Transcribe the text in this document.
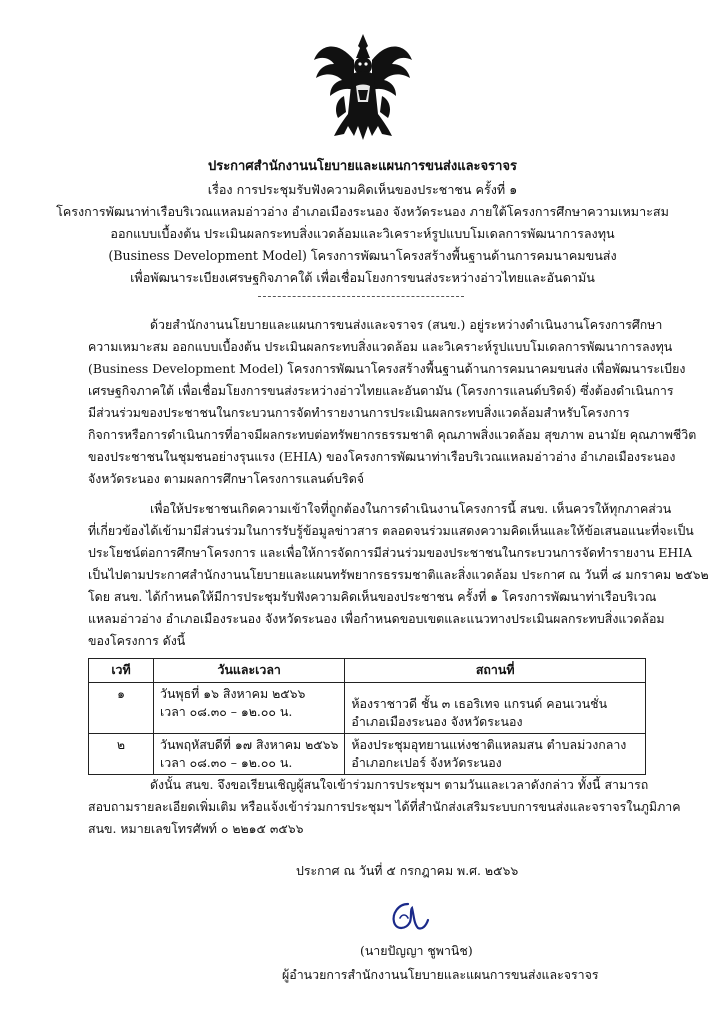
ประกาศสำนักงานนโยบายและแผนการขนส่งและจราจร
เรื่อง การประชุมรับฟังความคิดเห็นของประชาชน ครั้งที่ ๑
โครงการพัฒนาท่าเรือบริเวณแหลมอ่าวอ่าง อำเภอเมืองระนอง จังหวัดระนอง ภายใต้โครงการศึกษาความเหมาะสม
ออกแบบเบื้องต้น ประเมินผลกระทบสิ่งแวดล้อมและวิเคราะห์รูปแบบโมเดลการพัฒนาการลงทุน
(Business Development Model) โครงการพัฒนาโครงสร้างพื้นฐานด้านการคมนาคมขนส่ง
เพื่อพัฒนาระเบียงเศรษฐกิจภาคใต้ เพื่อเชื่อมโยงการขนส่งระหว่างอ่าวไทยและอันดามัน
ด้วยสำนักงานนโยบายและแผนการขนส่งและจราจร (สนข.) อยู่ระหว่างดำเนินงานโครงการศึกษา
ความเหมาะสม ออกแบบเบื้องต้น ประเมินผลกระทบสิ่งแวดล้อม และวิเคราะห์รูปแบบโมเดลการพัฒนาการลงทุน
(Business Development Model) โครงการพัฒนาโครงสร้างพื้นฐานด้านการคมนาคมขนส่ง เพื่อพัฒนาระเบียง
เศรษฐกิจภาคใต้ เพื่อเชื่อมโยงการขนส่งระหว่างอ่าวไทยและอันดามัน (โครงการแลนด์บริดจ์) ซึ่งต้องดำเนินการ
มีส่วนร่วมของประชาชนในกระบวนการจัดทำรายงานการประเมินผลกระทบสิ่งแวดล้อมสำหรับโครงการ
กิจการหรือการดำเนินการที่อาจมีผลกระทบต่อทรัพยากรธรรมชาติ คุณภาพสิ่งแวดล้อม สุขภาพ อนามัย คุณภาพชีวิต
ของประชาชนในชุมชนอย่างรุนแรง (EHIA) ของโครงการพัฒนาท่าเรือบริเวณแหลมอ่าวอ่าง อำเภอเมืองระนอง
จังหวัดระนอง ตามผลการศึกษาโครงการแลนด์บริดจ์
เพื่อให้ประชาชนเกิดความเข้าใจที่ถูกต้องในการดำเนินงานโครงการนี้ สนข. เห็นควรให้ทุกภาคส่วน
ที่เกี่ยวข้องได้เข้ามามีส่วนร่วมในการรับรู้ข้อมูลข่าวสาร ตลอดจนร่วมแสดงความคิดเห็นและให้ข้อเสนอแนะที่จะเป็น
ประโยชน์ต่อการศึกษาโครงการ และเพื่อให้การจัดการมีส่วนร่วมของประชาชนในกระบวนการจัดทำรายงาน EHIA
เป็นไปตามประกาศสำนักงานนโยบายและแผนทรัพยากรธรรมชาติและสิ่งแวดล้อม ประกาศ ณ วันที่ ๘ มกราคม ๒๕๖๒
โดย สนข. ได้กำหนดให้มีการประชุมรับฟังความคิดเห็นของประชาชน ครั้งที่ ๑ โครงการพัฒนาท่าเรือบริเวณ
แหลมอ่าวอ่าง อำเภอเมืองระนอง จังหวัดระนอง เพื่อกำหนดขอบเขตและแนวทางประเมินผลกระทบสิ่งแวดล้อม
ของโครงการ ดังนี้
เวที	วันและเวลา	สถานที่

๑	วันพุธที่ ๑๖ สิงหาคม ๒๕๖๖
เวลา ๐๘.๓๐ – ๑๒.๐๐ น.	ห้องราชาวดี ชั้น ๓ เธอริเทจ แกรนด์ คอนเวนชั่น
อำเภอเมืองระนอง จังหวัดระนอง

๒	วันพฤหัสบดีที่ ๑๗ สิงหาคม ๒๕๖๖
เวลา ๐๘.๓๐ – ๑๒.๐๐ น.	ห้องประชุมอุทยานแห่งชาติแหลมสน ตำบลม่วงกลาง
อำเภอกะเปอร์ จังหวัดระนอง
ดังนั้น สนข. จึงขอเรียนเชิญผู้สนใจเข้าร่วมการประชุมฯ ตามวันและเวลาดังกล่าว ทั้งนี้ สามารถ
สอบถามรายละเอียดเพิ่มเติม หรือแจ้งเข้าร่วมการประชุมฯ ได้ที่สำนักส่งเสริมระบบการขนส่งและจราจรในภูมิภาค
สนข. หมายเลขโทรศัพท์ ๐ ๒๒๑๕ ๓๕๖๖
ประกาศ ณ วันที่ ๕ กรกฎาคม พ.ศ. ๒๕๖๖
(นายปัญญา ชูพานิช)
ผู้อำนวยการสำนักงานนโยบายและแผนการขนส่งและจราจร
